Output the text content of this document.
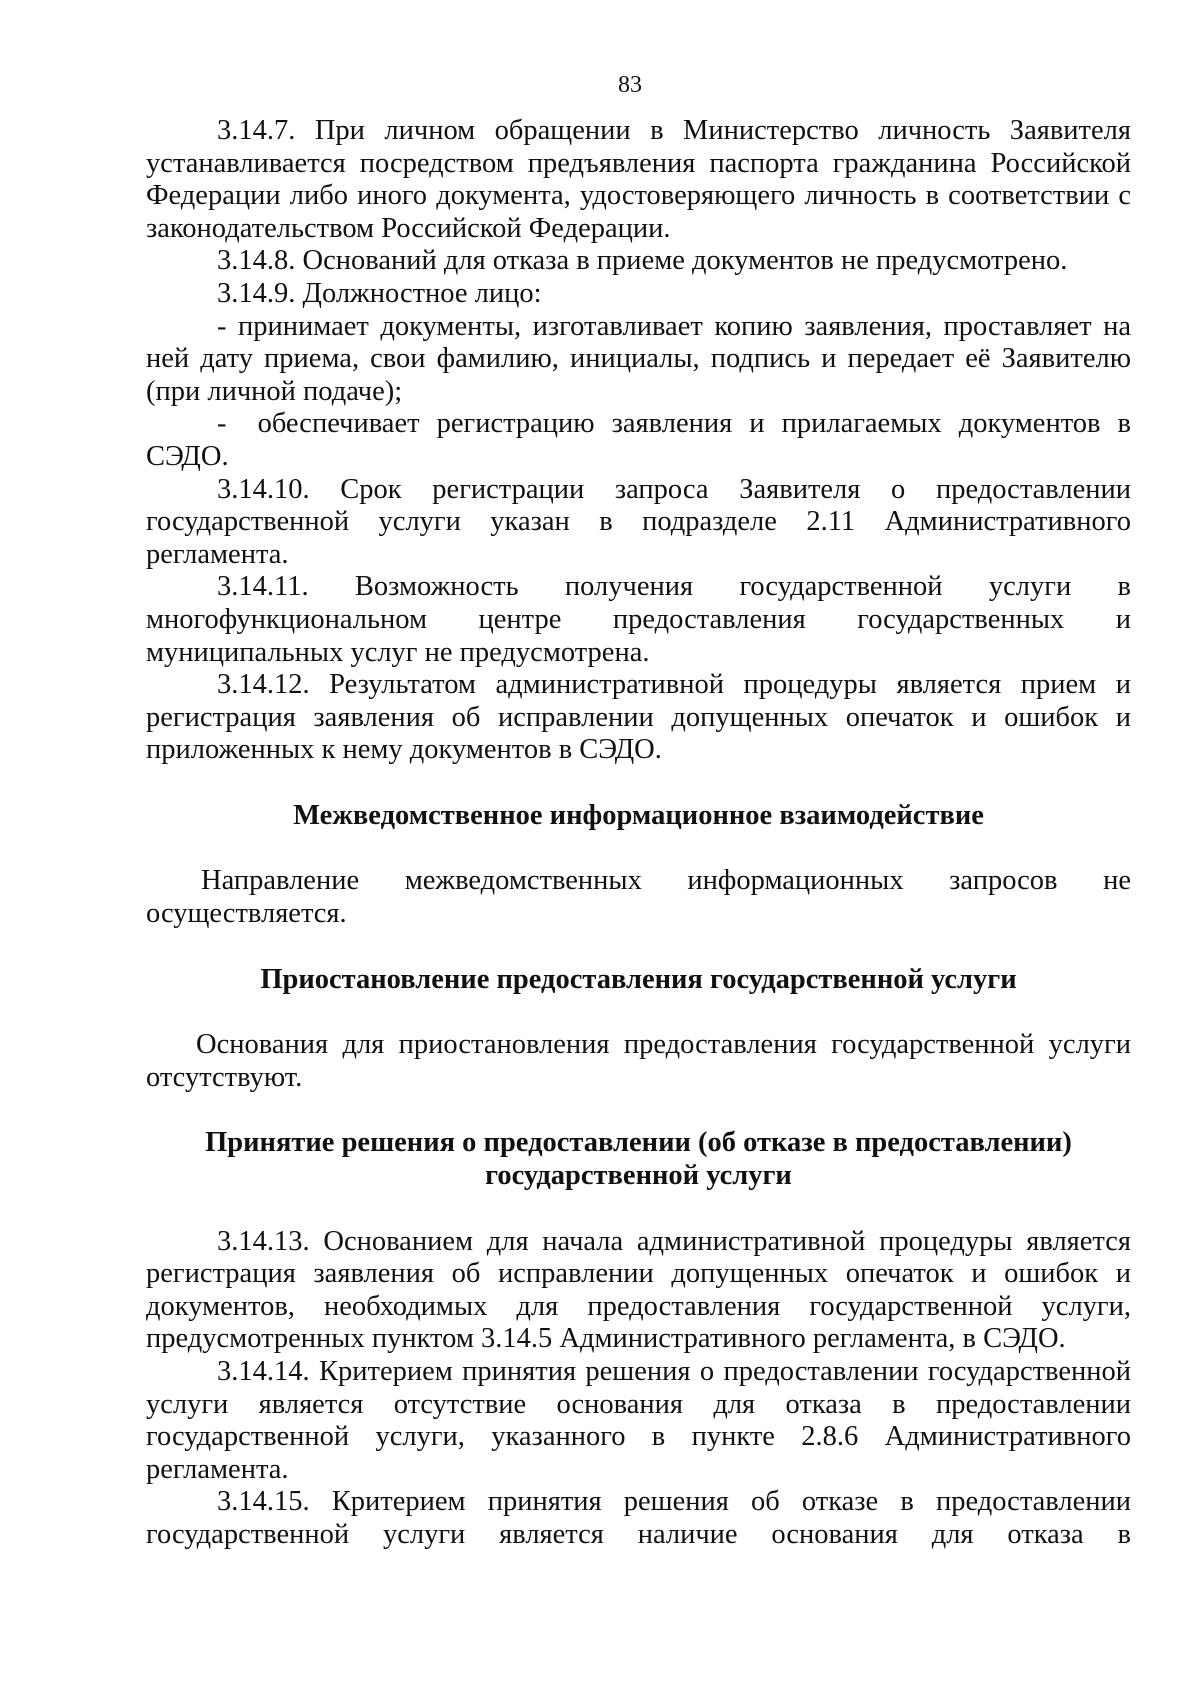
83

3.14.7. При личном обращении в Министерство личность Заявителя устанавливается посредством предъявления паспорта гражданина Российской Федерации либо иного документа, удостоверяющего личность в соответствии с законодательством Российской Федерации.

3.14.8. Оснований для отказа в приеме документов не предусмотрено.

3.14.9. Должностное лицо:

- принимает документы, изготавливает копию заявления, проставляет на ней дату приема, свои фамилию, инициалы, подпись и передает её Заявителю (при личной подаче);

- обеспечивает регистрацию заявления и прилагаемых документов в СЭДО.

3.14.10. Срок регистрации запроса Заявителя о предоставлении государственной услуги указан в подразделе 2.11 Административного регламента.

3.14.11. Возможность получения государственной услуги в многофункциональном центре предоставления государственных и муниципальных услуг не предусмотрена.

3.14.12. Результатом административной процедуры является прием и регистрация заявления об исправлении допущенных опечаток и ошибок и приложенных к нему документов в СЭДО.

Межведомственное информационное взаимодействие

Направление межведомственных информационных запросов не осуществляется.

Приостановление предоставления государственной услуги

Основания для приостановления предоставления государственной услуги отсутствуют.

Принятие решения о предоставлении (об отказе в предоставлении)
государственной услуги

3.14.13. Основанием для начала административной процедуры является регистрация заявления об исправлении допущенных опечаток и ошибок и документов, необходимых для предоставления государственной услуги, предусмотренных пунктом 3.14.5 Административного регламента, в СЭДО.

3.14.14. Критерием принятия решения о предоставлении государственной услуги является отсутствие основания для отказа в предоставлении государственной услуги, указанного в пункте 2.8.6 Административного регламента.

3.14.15. Критерием принятия решения об отказе в предоставлении государственной услуги является наличие основания для отказа в
